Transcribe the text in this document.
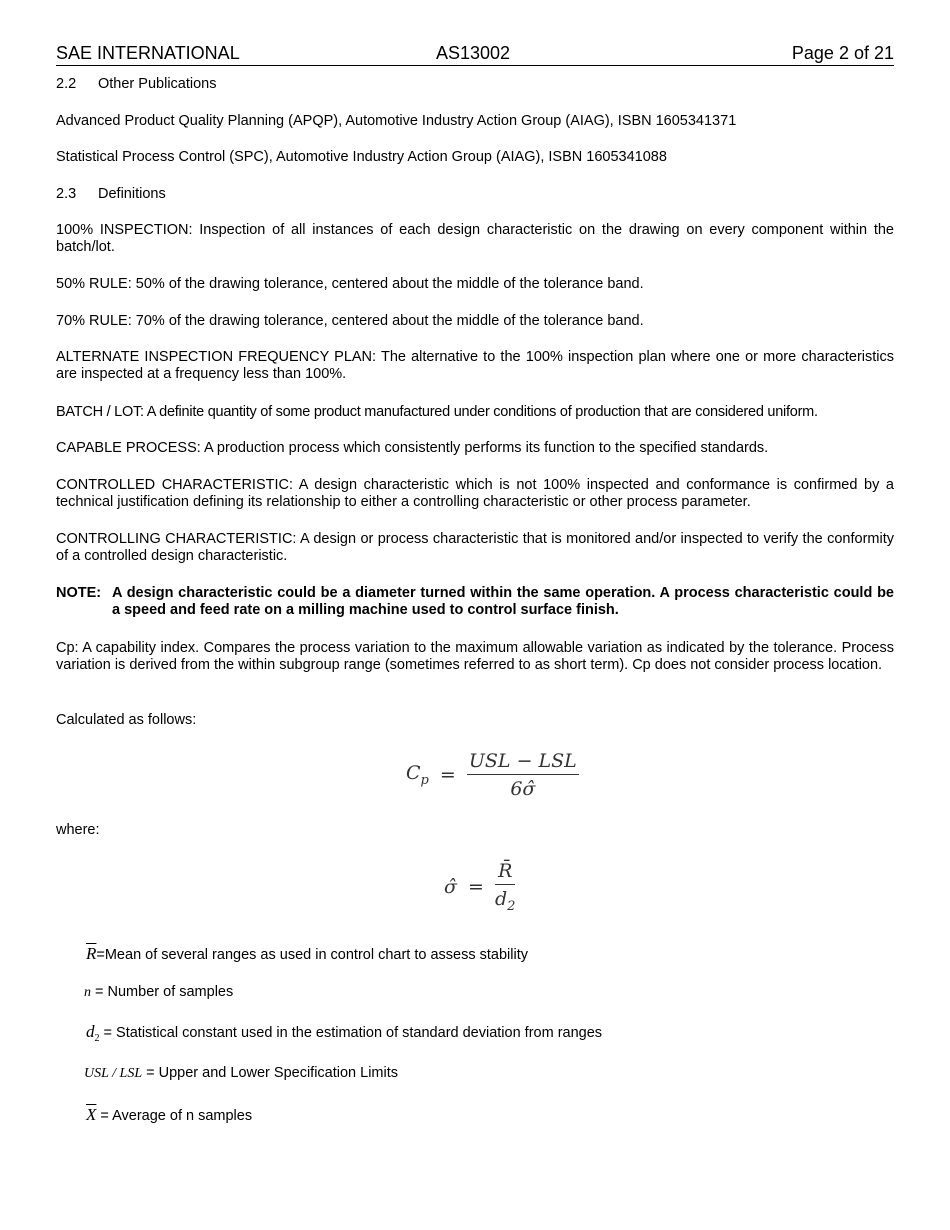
SAE INTERNATIONAL	AS13002	Page 2 of 21
2.2 Other Publications
Advanced Product Quality Planning (APQP), Automotive Industry Action Group (AIAG), ISBN 1605341371
Statistical Process Control (SPC), Automotive Industry Action Group (AIAG), ISBN 1605341088
2.3 Definitions
100% INSPECTION: Inspection of all instances of each design characteristic on the drawing on every component within the batch/lot.
50% RULE: 50% of the drawing tolerance, centered about the middle of the tolerance band.
70% RULE: 70% of the drawing tolerance, centered about the middle of the tolerance band.
ALTERNATE INSPECTION FREQUENCY PLAN: The alternative to the 100% inspection plan where one or more characteristics are inspected at a frequency less than 100%.
BATCH / LOT: A definite quantity of some product manufactured under conditions of production that are considered uniform.
CAPABLE PROCESS: A production process which consistently performs its function to the specified standards.
CONTROLLED CHARACTERISTIC: A design characteristic which is not 100% inspected and conformance is confirmed by a technical justification defining its relationship to either a controlling characteristic or other process parameter.
CONTROLLING CHARACTERISTIC: A design or process characteristic that is monitored and/or inspected to verify the conformity of a controlled design characteristic.
NOTE: A design characteristic could be a diameter turned within the same operation. A process characteristic could be a speed and feed rate on a milling machine used to control surface finish.
Cp: A capability index. Compares the process variation to the maximum allowable variation as indicated by the tolerance. Process variation is derived from the within subgroup range (sometimes referred to as short term). Cp does not consider process location.
Calculated as follows:
$C_p = \frac{\text{USL − LSL}}{6\sigmâ}$
where:
σ̂ = $\frac{R̄}{d_2}$
$\overline{R}=Mean$ of several ranges as used in control chart to assess stability
n = Number of samples
$d_2$ = Statistical constant used in the estimation of standard deviation from ranges
USL / LSL = Upper and Lower Specification Limits
$\overline{X}$ = Average of n samples
